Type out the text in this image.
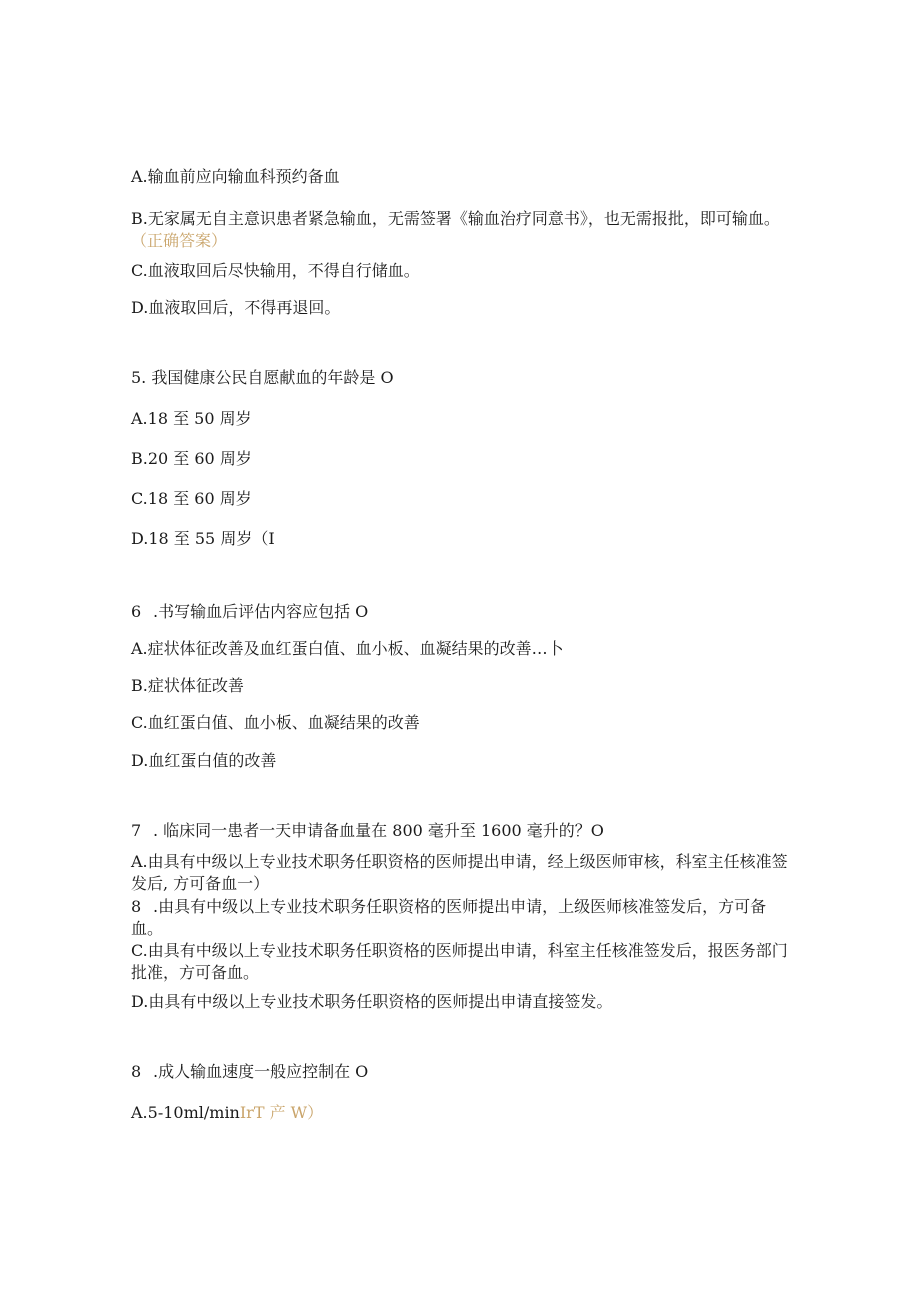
A.输血前应向输血科预约备血
B.无家属无自主意识患者紧急输血，无需签署《输血治疗同意书》，也无需报批，即可输血。（正确答案）
C.血液取回后尽快输用，不得自行储血。
D.血液取回后，不得再退回。
5. 我国健康公民自愿献血的年龄是 O
A.18 至 50 周岁
B.20 至 60 周岁
C.18 至 60 周岁
D.18 至 55 周岁（I
6 .书写输血后评估内容应包括 O
A.症状体征改善及血红蛋白值、血小板、血凝结果的改善…卜
B.症状体征改善
C.血红蛋白值、血小板、血凝结果的改善
D.血红蛋白值的改善
7 . 临床同一患者一天申请备血量在 800 毫升至 1600 毫升的？O
A.由具有中级以上专业技术职务任职资格的医师提出申请，经上级医师审核，科室主任核准签发后, 方可备血一）
8 .由具有中级以上专业技术职务任职资格的医师提出申请，上级医师核准签发后，方可备血。
C.由具有中级以上专业技术职务任职资格的医师提出申请，科室主任核准签发后，报医务部门批准，方可备血。
D.由具有中级以上专业技术职务任职资格的医师提出申请直接签发。
8 .成人输血速度一般应控制在 O
A.5-10ml/minIrT 产 W）
